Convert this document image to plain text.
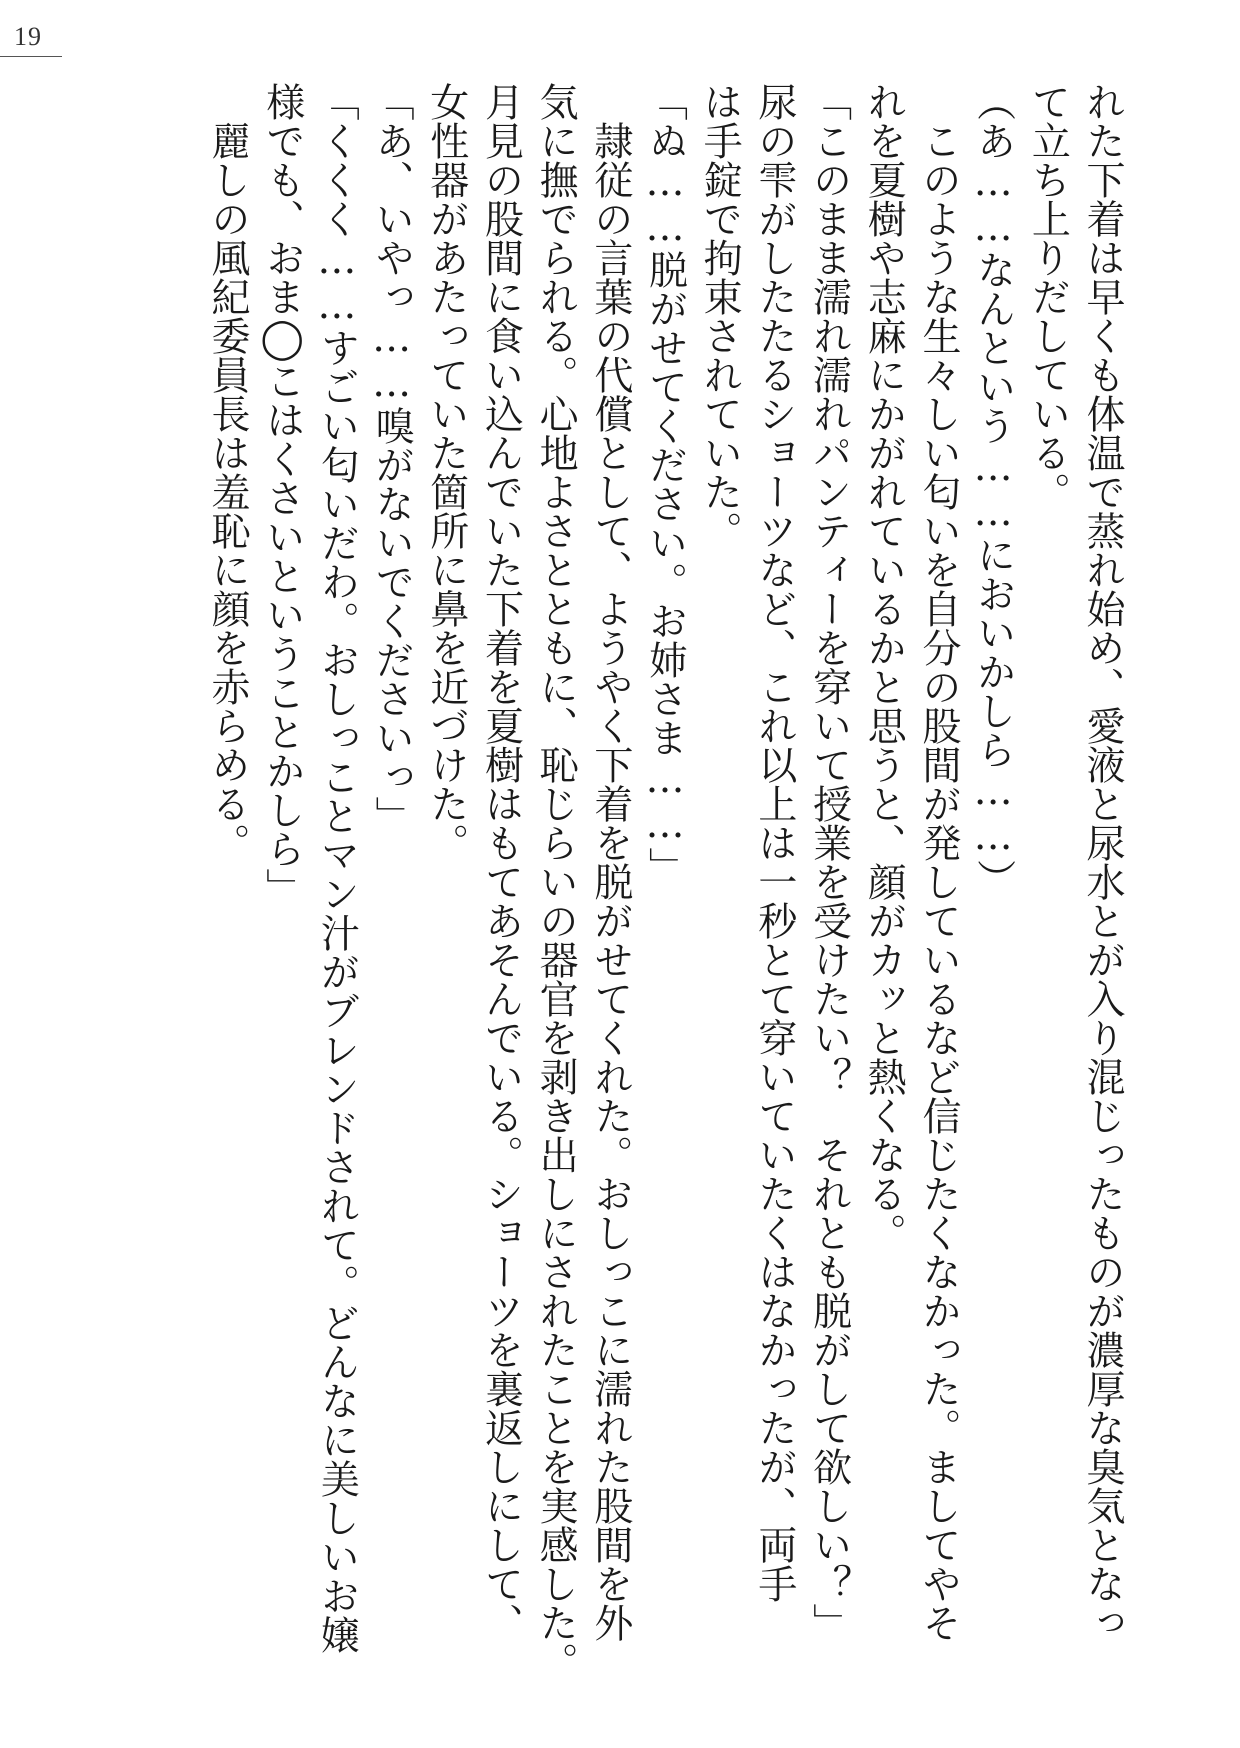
19
れた下着は早くも体温で蒸れ始め、愛液と尿水とが入り混じったものが濃厚な臭気となっ
て立ち上りだしている。
（あ……なんという……においかしら……）
　このような生々しい匂いを自分の股間が発しているなど信じたくなかった。ましてやそ
れを夏樹や志麻にかがれているかと思うと、顔がカッと熱くなる。
「このまま濡れ濡れパンティーを穿いて授業を受けたい？　それとも脱がして欲しい？」
尿の雫がしたたるショーツなど、これ以上は一秒とて穿いていたくはなかったが、両手
は手錠で拘束されていた。
「ぬ……脱がせてください。お姉さま……」
　隷従の言葉の代償として、ようやく下着を脱がせてくれた。おしっこに濡れた股間を外
気に撫でられる。心地よさとともに、恥じらいの器官を剥き出しにされたことを実感した。
月見の股間に食い込んでいた下着を夏樹はもてあそんでいる。ショーツを裏返しにして、
女性器があたっていた箇所に鼻を近づけた。
「あ、いやっ……嗅がないでくださいっ」
「くくく……すごい匂いだわ。おしっことマン汁がブレンドされて。どんなに美しいお嬢
様でも、おま◯こはくさいということかしら」
　麗しの風紀委員長は羞恥に顔を赤らめる。
